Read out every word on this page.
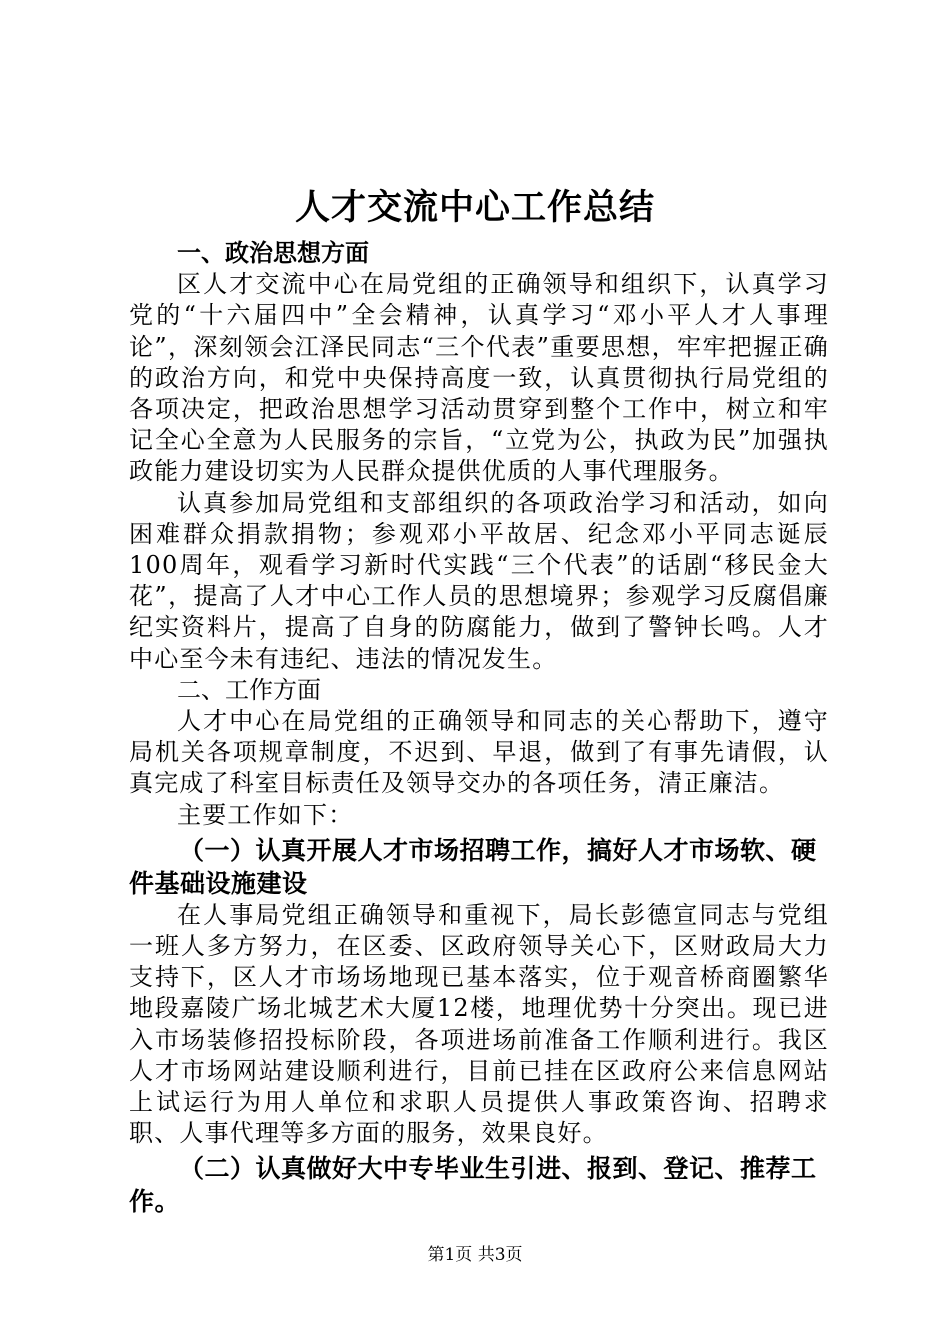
人才交流中心工作总结

一、政治思想方面

区人才交流中心在局党组的正确领导和组织下，认真学习党的“十六届四中”全会精神，认真学习“邓小平人才人事理论”，深刻领会江泽民同志“三个代表”重要思想，牢牢把握正确的政治方向，和党中央保持高度一致，认真贯彻执行局党组的各项决定，把政治思想学习活动贯穿到整个工作中，树立和牢记全心全意为人民服务的宗旨，“立党为公，执政为民”加强执政能力建设切实为人民群众提供优质的人事代理服务。

认真参加局党组和支部组织的各项政治学习和活动，如向困难群众捐款捐物；参观邓小平故居、纪念邓小平同志诞辰100周年，观看学习新时代实践“三个代表”的话剧“移民金大花”，提高了人才中心工作人员的思想境界；参观学习反腐倡廉纪实资料片，提高了自身的防腐能力，做到了警钟长鸣。人才中心至今未有违纪、违法的情况发生。

二、工作方面

人才中心在局党组的正确领导和同志的关心帮助下，遵守局机关各项规章制度，不迟到、早退，做到了有事先请假，认真完成了科室目标责任及领导交办的各项任务，清正廉洁。

主要工作如下：

（一）认真开展人才市场招聘工作，搞好人才市场软、硬件基础设施建设

在人事局党组正确领导和重视下，局长彭德宣同志与党组一班人多方努力，在区委、区政府领导关心下，区财政局大力支持下，区人才市场场地现已基本落实，位于观音桥商圈繁华地段嘉陵广场北城艺术大厦12楼，地理优势十分突出。现已进入市场装修招投标阶段，各项进场前准备工作顺利进行。我区人才市场网站建设顺利进行，目前已挂在区政府公来信息网站上试运行为用人单位和求职人员提供人事政策咨询、招聘求职、人事代理等多方面的服务，效果良好。

（二）认真做好大中专毕业生引进、报到、登记、推荐工作。

第1页 共3页
